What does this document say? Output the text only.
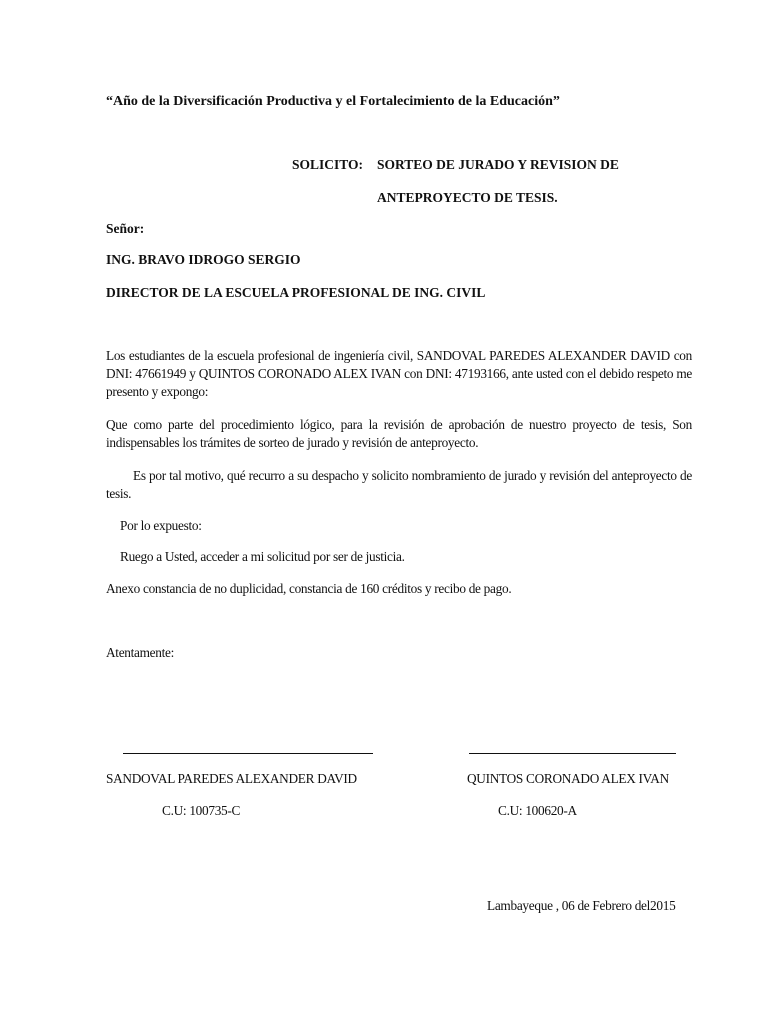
“Año de la Diversificación Productiva y el Fortalecimiento de la Educación”
SOLICITO: SORTEO DE JURADO Y REVISION DE
ANTEPROYECTO DE TESIS.
Señor:
ING. BRAVO IDROGO SERGIO
DIRECTOR DE LA ESCUELA PROFESIONAL DE ING. CIVIL
Los estudiantes de la escuela profesional de ingeniería civil, SANDOVAL PAREDES ALEXANDER DAVID con DNI: 47661949 y QUINTOS CORONADO ALEX IVAN con DNI: 47193166, ante usted con el debido respeto me presento y expongo:
Que como parte del procedimiento lógico, para la revisión de aprobación de nuestro proyecto de tesis, Son indispensables los trámites de sorteo de jurado y revisión de anteproyecto.
Es por tal motivo, qué recurro a su despacho y solicito nombramiento de jurado y revisión del anteproyecto de tesis.
Por lo expuesto:
Ruego a Usted, acceder a mi solicitud por ser de justicia.
Anexo constancia de no duplicidad, constancia de 160 créditos y recibo de pago.
Atentamente:
SANDOVAL PAREDES ALEXANDER DAVID	QUINTOS CORONADO ALEX IVAN
C.U: 100735-C	C.U: 100620-A
Lambayeque , 06 de Febrero del2015
